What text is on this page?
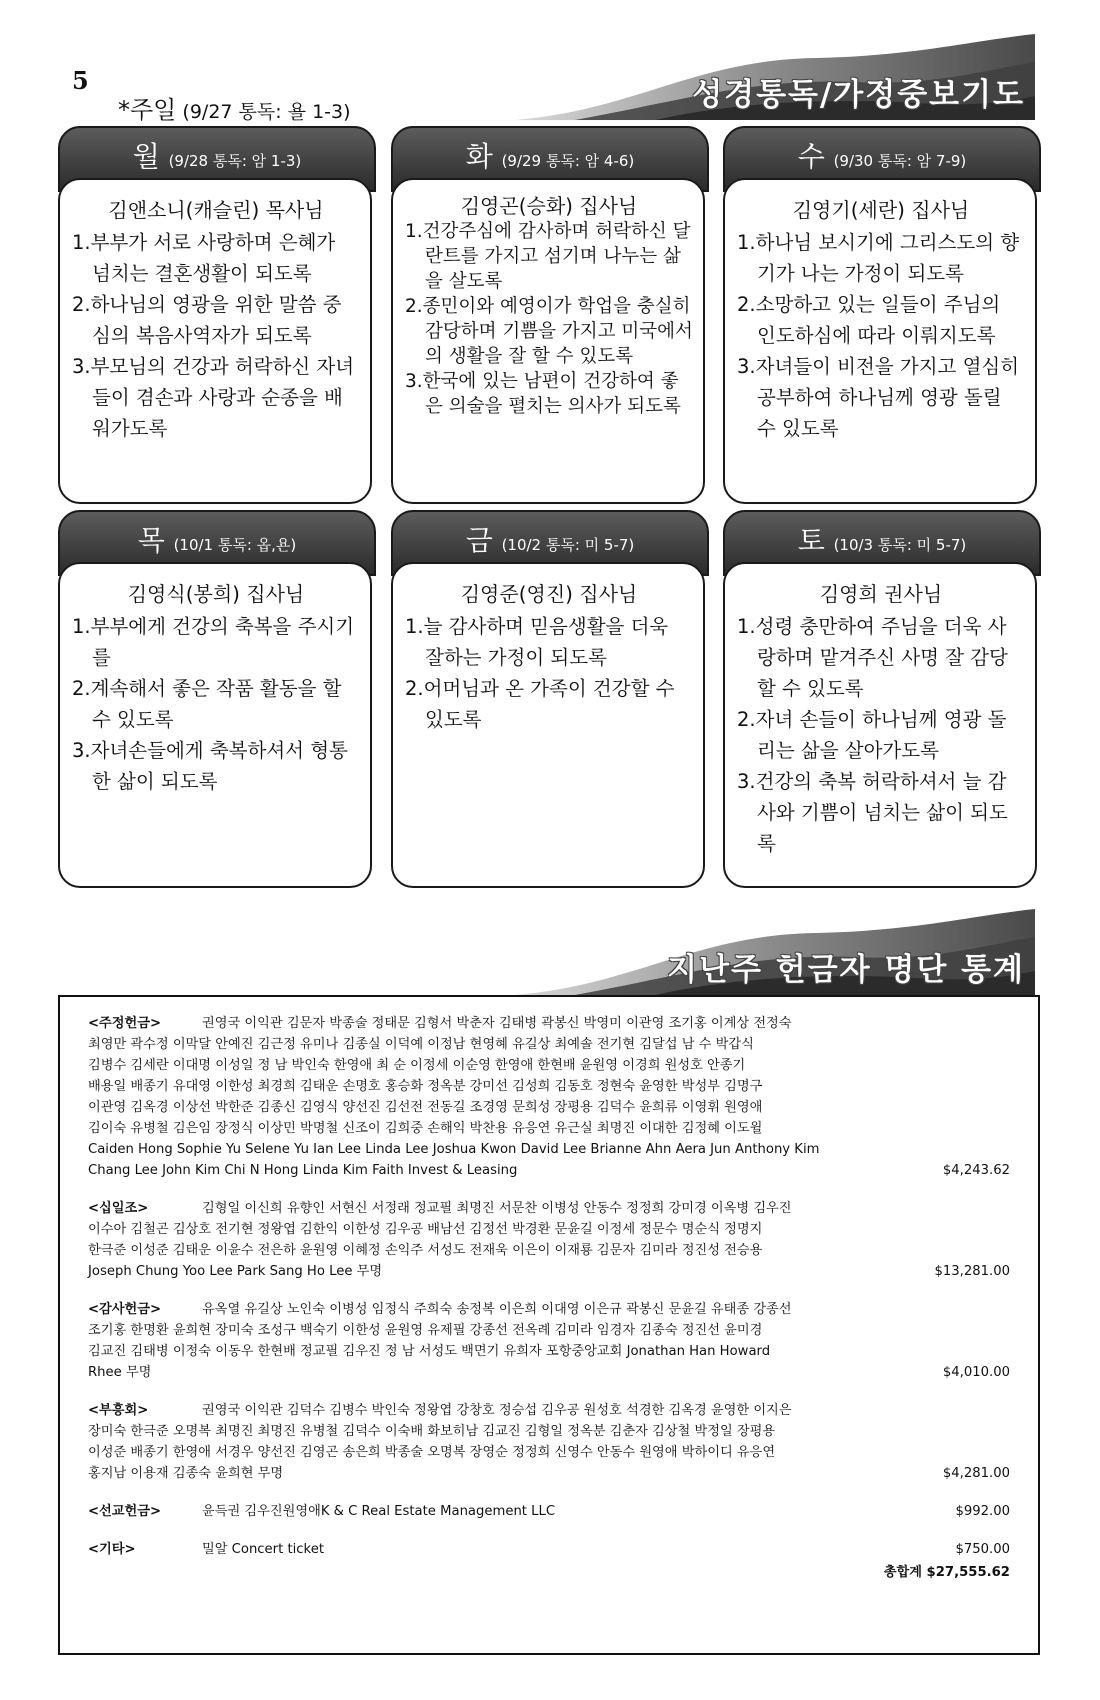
5
*주일 (9/27 통독: 욜 1-3)	성경통독/가정중보기도
월 (9/28 통독: 암 1-3)
김앤소니(캐슬린) 목사님
1.부부가 서로 사랑하며 은혜가 넘치는 결혼생활이 되도록
2.하나님의 영광을 위한 말씀 중심의 복음사역자가 되도록
3.부모님의 건강과 허락하신 자녀들이 겸손과 사랑과 순종을 배워가도록
화 (9/29 통독: 암 4-6)
김영곤(승화) 집사님
1.건강주심에 감사하며 허락하신 달란트를 가지고 섬기며 나누는 삶을 살도록
2.종민이와 예영이가 학업을 충실히 감당하며 기쁨을 가지고 미국에서의 생활을 잘 할 수 있도록
3.한국에 있는 남편이 건강하여 좋은 의술을 펼치는 의사가 되도록
수 (9/30 통독: 암 7-9)
김영기(세란) 집사님
1.하나님 보시기에 그리스도의 향기가 나는 가정이 되도록
2.소망하고 있는 일들이 주님의 인도하심에 따라 이뤄지도록
3.자녀들이 비전을 가지고 열심히 공부하여 하나님께 영광 돌릴 수 있도록
목 (10/1 통독: 옵,욘)
김영식(봉희) 집사님
1.부부에게 건강의 축복을 주시기를
2.계속해서 좋은 작품 활동을 할 수 있도록
3.자녀손들에게 축복하셔서 형통한 삶이 되도록
금 (10/2 통독: 미 5-7)
김영준(영진) 집사님
1.늘 감사하며 믿음생활을 더욱 잘하는 가정이 되도록
2.어머님과 온 가족이 건강할 수 있도록
토 (10/3 통독: 미 5-7)
김영희 권사님
1.성령 충만하여 주님을 더욱 사랑하며 맡겨주신 사명 잘 감당할 수 있도록
2.자녀 손들이 하나님께 영광 돌리는 삶을 살아가도록
3.건강의 축복 허락하셔서 늘 감사와 기쁨이 넘치는 삶이 되도록
지난주 헌금자 명단 통계
<주정헌금>	권영국 이익관 김문자 박종술 정태문 김형서 박춘자 김태병 곽봉신 박영미 이관영 조기홍 이계상 전정숙
최영만 곽수정 이막달 안예진 김근정 유미나 김종실 이덕예 이정남 현영혜 유길상 최예솔 전기현 김달섭 남 수 박갑식
김병수 김세란 이대명 이성일 정 남 박인숙 한영애 최 순 이정세 이순영 한영애 한현배 윤원영 이경희 원성호 안종기
배용일 배종기 유대영 이한성 최경희 김태운 손명호 홍승화 정옥분 강미선 김성희 김동호 정현숙 윤영한 박성부 김명구
이관영 김옥경 이상선 박한준 김종신 김영식 양선진 김선전 전동길 조경영 문희성 장평용 김덕수 윤희류 이영휘 원영애
김이숙 유병철 김은임 장정식 이상민 박명철 신조이 김희중 손해익 박찬용 유응연 유근실 최명진 이대한 김정혜 이도윌
Caiden Hong Sophie Yu Selene Yu Ian Lee Linda Lee Joshua Kwon David Lee Brianne Ahn Aera Jun Anthony Kim
Chang Lee John Kim Chi N Hong Linda Kim Faith Invest & Leasing	$4,243.62
<십일조>	김형일 이신희 유향인 서현신 서정래 정교필 최명진 서문찬 이병성 안동수 정정희 강미경 이옥병 김우진
이수아 김철곤 김상호 전기현 정왕엽 김한익 이한성 김우공 배남선 김정선 박경환 문윤길 이정세 정문수 명순식 정명지
한극준 이성준 김태운 이윤수 전은하 윤원영 이혜정 손익주 서성도 전재욱 이은이 이재룡 김문자 김미라 정진성 전승용
Joseph Chung Yoo Lee Park Sang Ho Lee 무명	$13,281.00
<감사헌금>	유옥열 유길상 노인숙 이병성 임정식 주희숙 송정복 이은희 이대영 이은규 곽봉신 문윤길 유태종 강종선
조기홍 한명환 윤희현 장미숙 조성구 백숙기 이한성 윤원영 유제필 강종선 전옥례 김미라 임경자 김종숙 정진선 윤미경
김교진 김태병 이정숙 이동우 한현배 정교필 김우진 정 남 서성도 백면기 유희자 포항중앙교회 Jonathan Han Howard
Rhee 무명	$4,010.00
<부흥회>	권영국 이익관 김덕수 김병수 박인숙 정왕엽 강창호 정승섭 김우공 원성호 석경한 김옥경 윤영한 이지은
장미숙 한극준 오명복 최명진 최명진 유병철 김덕수 이숙배 화보히남 김교진 김형일 정옥분 김춘자 김상철 박정일 장평용
이성준 배종기 한영애 서경우 양선진 김영곤 송은희 박종술 오명복 장영순 정정희 신영수 안동수 원영애 박하이디 유응연
홍지남 이용재 김종숙 윤희현 무명	$4,281.00
<선교헌금>	윤득권 김우진원영애K & C Real Estate Management LLC	$992.00
<기타>	밀알 Concert ticket	$750.00
총합계 $27,555.62
